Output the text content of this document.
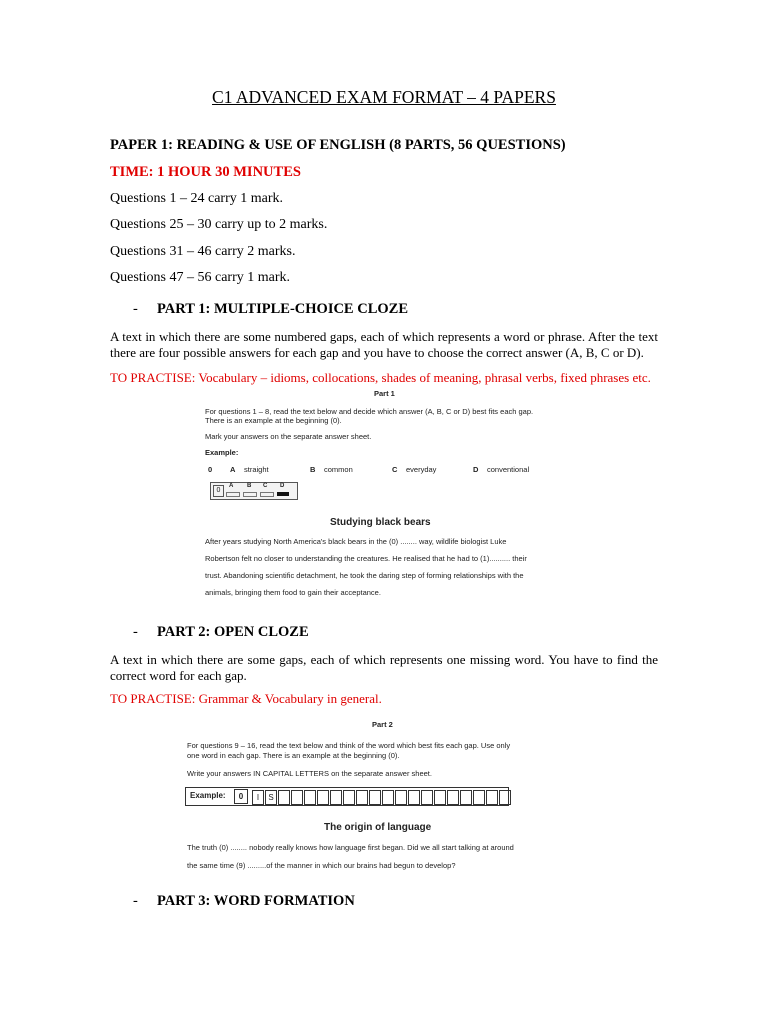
C1 ADVANCED EXAM FORMAT – 4 PAPERS
PAPER 1: READING & USE OF ENGLISH (8 PARTS, 56 QUESTIONS)
TIME: 1 HOUR 30 MINUTES
Questions 1 – 24 carry 1 mark.
Questions 25 – 30 carry up to 2 marks.
Questions 31 – 46 carry 2 marks.
Questions 47 – 56 carry 1 mark.
- PART 1: MULTIPLE-CHOICE CLOZE
A text in which there are some numbered gaps, each of which represents a word or phrase. After the text there are four possible answers for each gap and you have to choose the correct answer (A, B, C or D).
TO PRACTISE: Vocabulary – idioms, collocations, shades of meaning, phrasal verbs, fixed phrases etc.
Part 1
For questions 1 – 8, read the text below and decide which answer (A, B, C or D) best fits each gap.
There is an example at the beginning (0).
Mark your answers on the separate answer sheet.
Example:
0 A straight	B common	C everyday	D conventional
0
A B C D
Studying black bears
After years studying North America's black bears in the (0) ........ way, wildlife biologist Luke
Robertson felt no closer to understanding the creatures. He realised that he had to (1).......... their
trust. Abandoning scientific detachment, he took the daring step of forming relationships with the
animals, bringing them food to gain their acceptance.
- PART 2: OPEN CLOZE
A text in which there are some gaps, each of which represents one missing word. You have to find the correct word for each gap.
TO PRACTISE: Grammar & Vocabulary in general.
Part 2
For questions 9 – 16, read the text below and think of the word which best fits each gap. Use only
one word in each gap. There is an example at the beginning (0).
Write your answers IN CAPITAL LETTERS on the separate answer sheet.
Example:	0	I S
The origin of language
The truth (0) ........ nobody really knows how language first began. Did we all start talking at around
the same time (9) .........of the manner in which our brains had begun to develop?
- PART 3: WORD FORMATION
